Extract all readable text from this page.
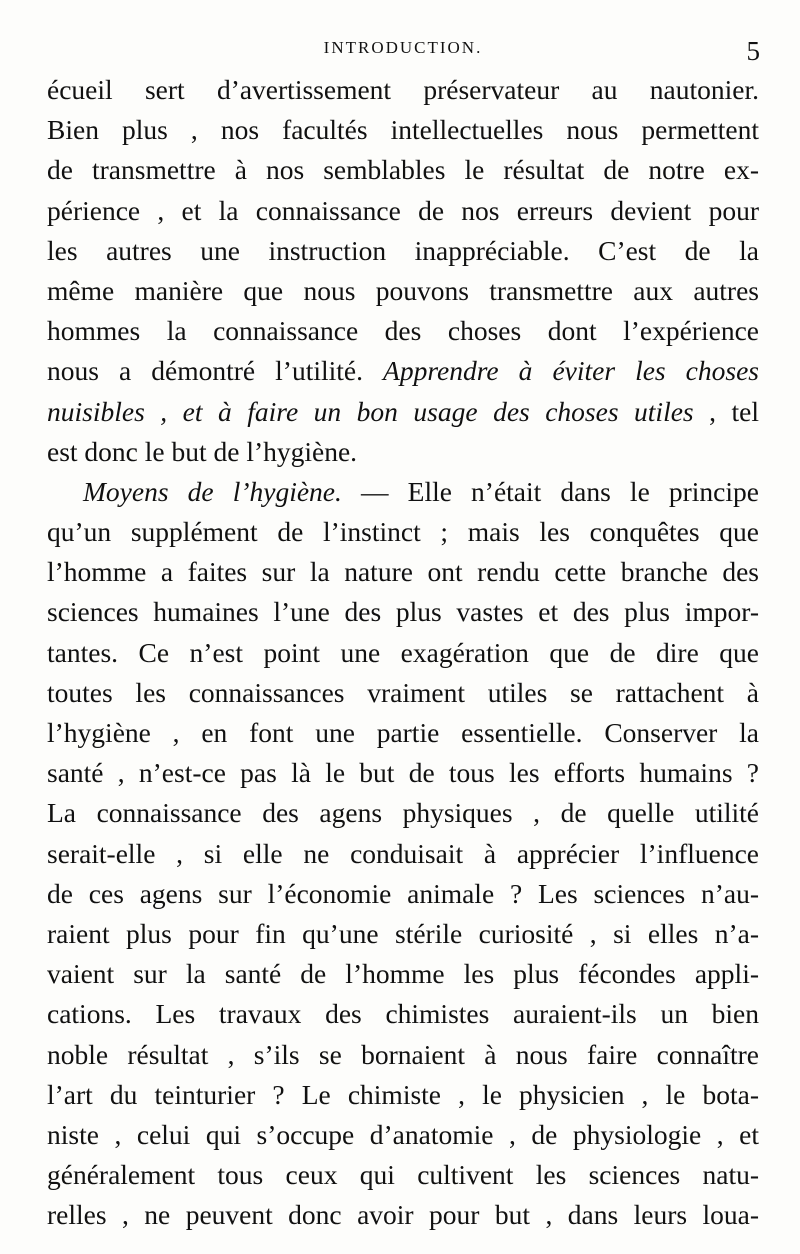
INTRODUCTION.	5
écueil sert d’avertissement préservateur au nautonier.
Bien plus , nos facultés intellectuelles nous permettent
de transmettre à nos semblables le résultat de notre ex-
périence , et la connaissance de nos erreurs devient pour
les autres une instruction inappréciable. C’est de la
même manière que nous pouvons transmettre aux autres
hommes la connaissance des choses dont l’expérience
nous a démontré l’utilité. Apprendre à éviter les choses
nuisibles , et à faire un bon usage des choses utiles , tel
est donc le but de l’hygiène.
Moyens de l’hygiène. — Elle n’était dans le principe
qu’un supplément de l’instinct ; mais les conquêtes que
l’homme a faites sur la nature ont rendu cette branche des
sciences humaines l’une des plus vastes et des plus impor-
tantes. Ce n’est point une exagération que de dire que
toutes les connaissances vraiment utiles se rattachent à
l’hygiène , en font une partie essentielle. Conserver la
santé , n’est-ce pas là le but de tous les efforts humains ?
La connaissance des agens physiques , de quelle utilité
serait-elle , si elle ne conduisait à apprécier l’influence
de ces agens sur l’économie animale ? Les sciences n’au-
raient plus pour fin qu’une stérile curiosité , si elles n’a-
vaient sur la santé de l’homme les plus fécondes appli-
cations. Les travaux des chimistes auraient-ils un bien
noble résultat , s’ils se bornaient à nous faire connaître
l’art du teinturier ? Le chimiste , le physicien , le bota-
niste , celui qui s’occupe d’anatomie , de physiologie , et
généralement tous ceux qui cultivent les sciences natu-
relles , ne peuvent donc avoir pour but , dans leurs loua-
